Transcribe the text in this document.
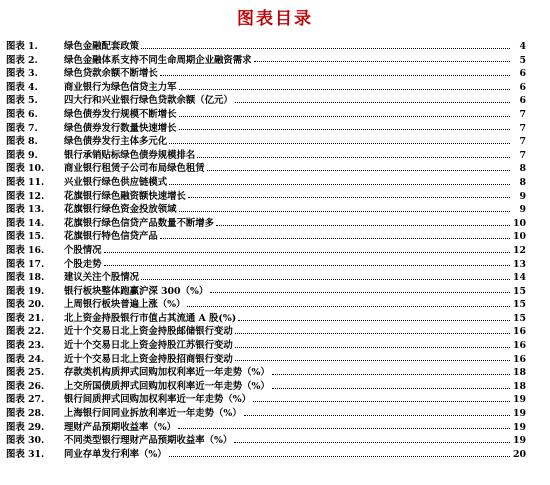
图表目录
图表 1.	绿色金融配套政策	4
图表 2.	绿色金融体系支持不同生命周期企业融资需求	5
图表 3.	绿色贷款余额不断增长	6
图表 4.	商业银行为绿色信贷主力军	6
图表 5.	四大行和兴业银行绿色贷款余额（亿元）	6
图表 6.	绿色债券发行规模不断增长	7
图表 7.	绿色债券发行数量快速增长	7
图表 8.	绿色债券发行主体多元化	7
图表 9.	银行承销贴标绿色债券规模排名	7
图表 10.	商业银行租赁子公司布局绿色租赁	8
图表 11.	兴业银行绿色供应链模式	8
图表 12.	花旗银行绿色融资额快速增长	9
图表 13.	花旗银行绿色资金投放领域	9
图表 14.	花旗银行绿色信贷产品数量不断增多	10
图表 15.	花旗银行特色信贷产品	10
图表 16.	个股情况	12
图表 17.	个股走势	13
图表 18.	建议关注个股情况	14
图表 19.	银行板块整体跑赢沪深 300（%）	15
图表 20.	上周银行板块普遍上涨（%）	15
图表 21.	北上资金持股银行市值占其流通 A 股(%)	15
图表 22.	近十个交易日北上资金持股邮储银行变动	16
图表 23.	近十个交易日北上资金持股江苏银行变动	16
图表 24.	近十个交易日北上资金持股招商银行变动	16
图表 25.	存款类机构质押式回购加权利率近一年走势（%）	18
图表 26.	上交所国债质押式回购加权利率近一年走势（%）	18
图表 27.	银行间质押式回购加权利率近一年走势（%）	19
图表 28.	上海银行间同业拆放利率近一年走势（%）	19
图表 29.	理财产品预期收益率（%）	19
图表 30.	不同类型银行理财产品预期收益率（%）	19
图表 31.	同业存单发行利率（%）	20
